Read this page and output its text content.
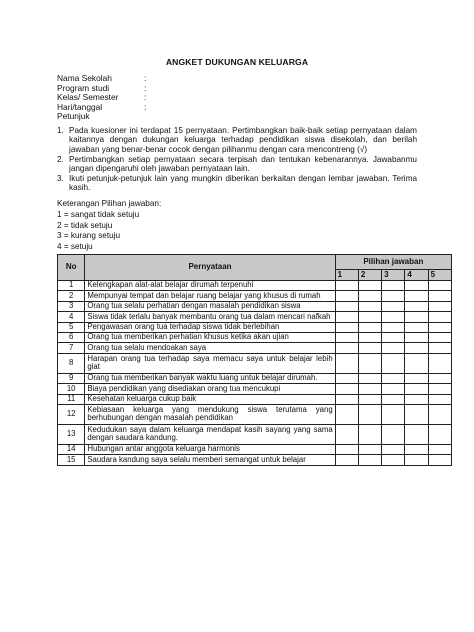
ANGKET DUKUNGAN KELUARGA
Nama Sekolah	:
Program studi	:
Kelas/ Semester	:
Hari/tanggal	:
Petunjuk
1. Pada kuesioner ini terdapat 15 pernyataan. Pertimbangkan baik-baik setiap pernyataan dalam kaitannya dengan dukungan keluarga terhadap pendidikan siswa disekolah, dan berilah jawaban yang benar-benar cocok dengan pilihanmu dengan cara mencontreng (√)
2. Pertimbangkan setiap pernyataan secara terpisah dan tentukan kebenarannya. Jawabanmu jangan dipengaruhi oleh jawaban pernyataan lain.
3. Ikuti petunjuk-petunjuk lain yang mungkin diberikan berkaitan dengan lembar jawaban. Terima kasih.
Keterangan Pilihan jawaban:
1 = sangat tidak setuju
2 = tidak setuju
3 = kurang setuju
4 = setuju
No	Pernyataan	Pilihan jawaban				
		1	2	3	4	5
1	Kelengkapan alat-alat belajar dirumah terpenuhi					
2	Mempunyai tempat dan belajar ruang belajar yang khusus di rumah					
3	Orang tua selalu perhatian dengan masalah pendidikan siswa					
4	Siswa tidak terlalu banyak membantu orang tua dalam mencari nafkah					
5	Pengawasan orang tua terhadap siswa tidak berlebihan					
6	Orang tua memberikan perhatian khusus ketika akan ujian					
7	Orang tua selalu mendoakan saya					
8	Harapan orang tua terhadap saya memacu saya untuk belajar lebih giat					
9	Orang tua memberikan banyak waktu luang untuk belajar dirumah.					
10	Biaya pendidikan yang disediakan orang tua mencukupi					
11	Kesehatan keluarga cukup baik					
12	Kebiasaan keluarga yang mendukung siswa terutama yang berhubungan dengan masalah pendidikan					
13	Kedudukan saya dalam keluarga mendapat kasih sayang yang sama dengan saudara kandung.					
14	Hubungan antar anggota keluarga harmonis					
15	Saudara kandung saya selalu memberi semangat untuk belajar					
